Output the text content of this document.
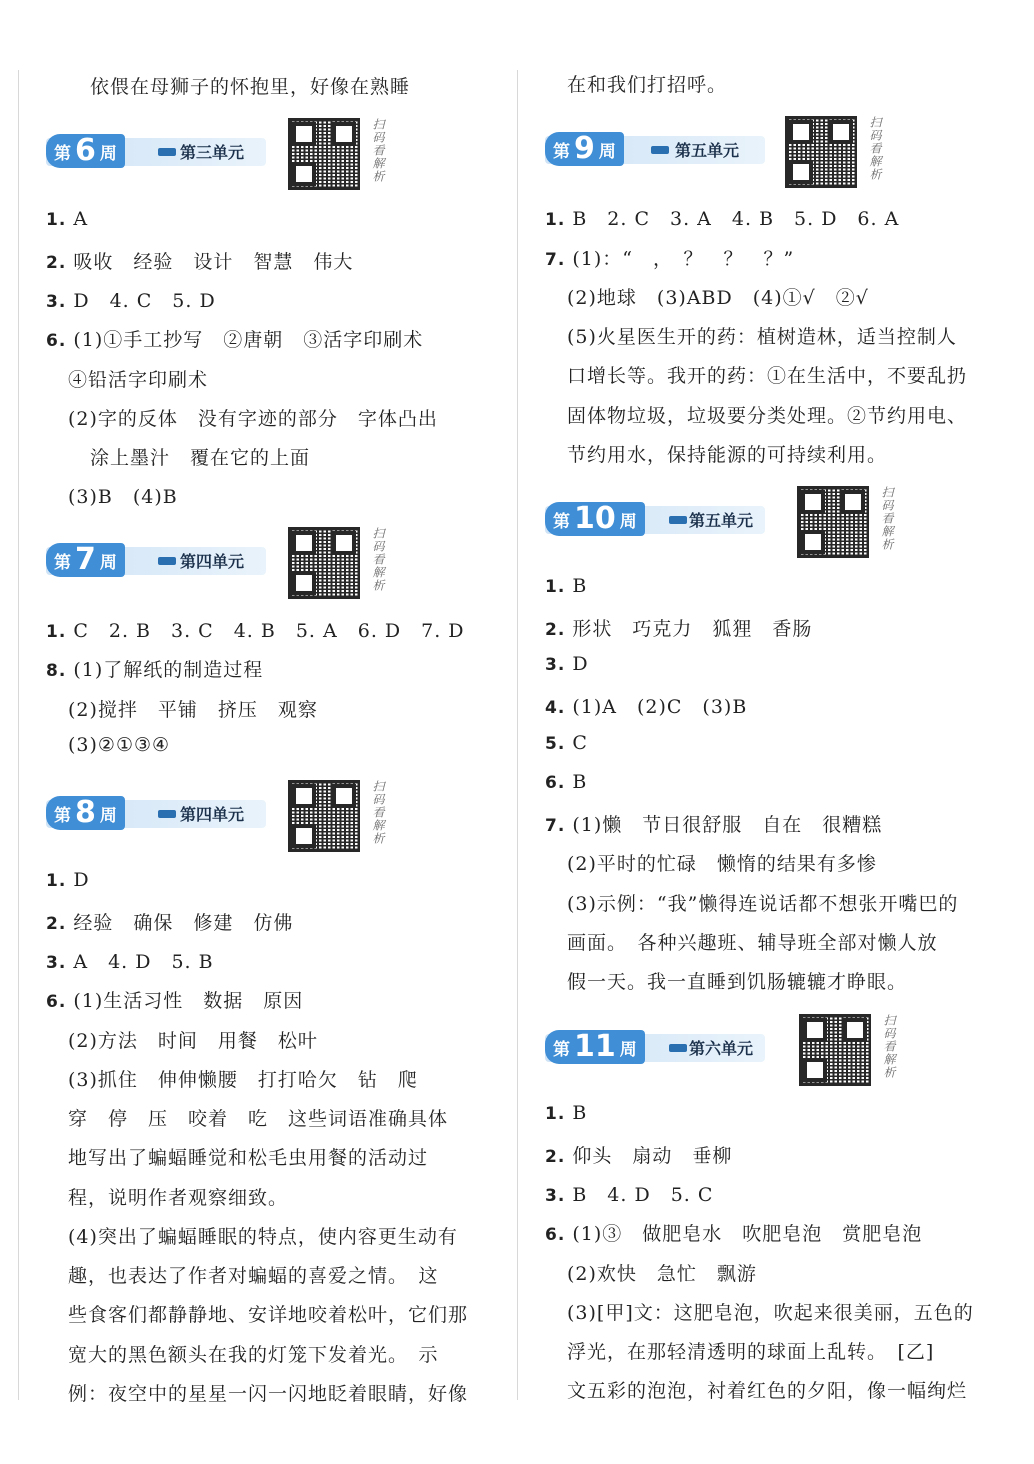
依偎在母狮子的怀抱里，好像在熟睡
第 6 周	第三单元	扫码看解析
1. A
2. 吸收　经验　设计　智慧　伟大
3. D　4. C　5. D
6. (1)①手工抄写　②唐朝　③活字印刷术
④铅活字印刷术
(2)字的反体　没有字迹的部分　字体凸出
涂上墨汁　覆在它的上面
(3)B　(4)B
第 7 周	第四单元	扫码看解析
1. C　2. B　3. C　4. B　5. A　6. D　7. D
8. (1)了解纸的制造过程
(2)搅拌　平铺　挤压　观察
(3)②①③④
第 8 周	第四单元	扫码看解析
1. D
2. 经验　确保　修建　仿佛
3. A　4. D　5. B
6. (1)生活习性　数据　原因
(2)方法　时间　用餐　松叶
(3)抓住　伸伸懒腰　打打哈欠　钻　爬
穿　停　压　咬着　吃　这些词语准确具体
地写出了蝙蝠睡觉和松毛虫用餐的活动过
程，说明作者观察细致。
(4)突出了蝙蝠睡眠的特点，使内容更生动有
趣，也表达了作者对蝙蝠的喜爱之情。　这
些食客们都静静地、安详地咬着松叶，它们那
宽大的黑色额头在我的灯笼下发着光。　示
例：夜空中的星星一闪一闪地眨着眼睛，好像
在和我们打招呼。
第 9 周	第五单元	扫码看解析
1. B　2. C　3. A　4. B　5. D　6. A
7. (1)：“　，　？　？　？”
(2)地球　(3)ABD　(4)①√　②√
(5)火星医生开的药：植树造林，适当控制人
口增长等。我开的药：①在生活中，不要乱扔
固体物垃圾，垃圾要分类处理。②节约用电、
节约用水，保持能源的可持续利用。
第 10 周	第五单元	扫码看解析
1. B
2. 形状　巧克力　狐狸　香肠
3. D
4. (1)A　(2)C　(3)B
5. C
6. B
7. (1)懒　节日很舒服　自在　很糟糕
(2)平时的忙碌　懒惰的结果有多惨
(3)示例：“我”懒得连说话都不想张开嘴巴的
画面。　各种兴趣班、辅导班全部对懒人放
假一天。我一直睡到饥肠辘辘才睁眼。
第 11 周	第六单元	扫码看解析
1. B
2. 仰头　扇动　垂柳
3. B　4. D　5. C
6. (1)③　做肥皂水　吹肥皂泡　赏肥皂泡
(2)欢快　急忙　飘游
(3)[甲]文：这肥皂泡，吹起来很美丽，五色的
浮光，在那轻清透明的球面上乱转。　[乙]
文五彩的泡泡，衬着红色的夕阳，像一幅绚烂
